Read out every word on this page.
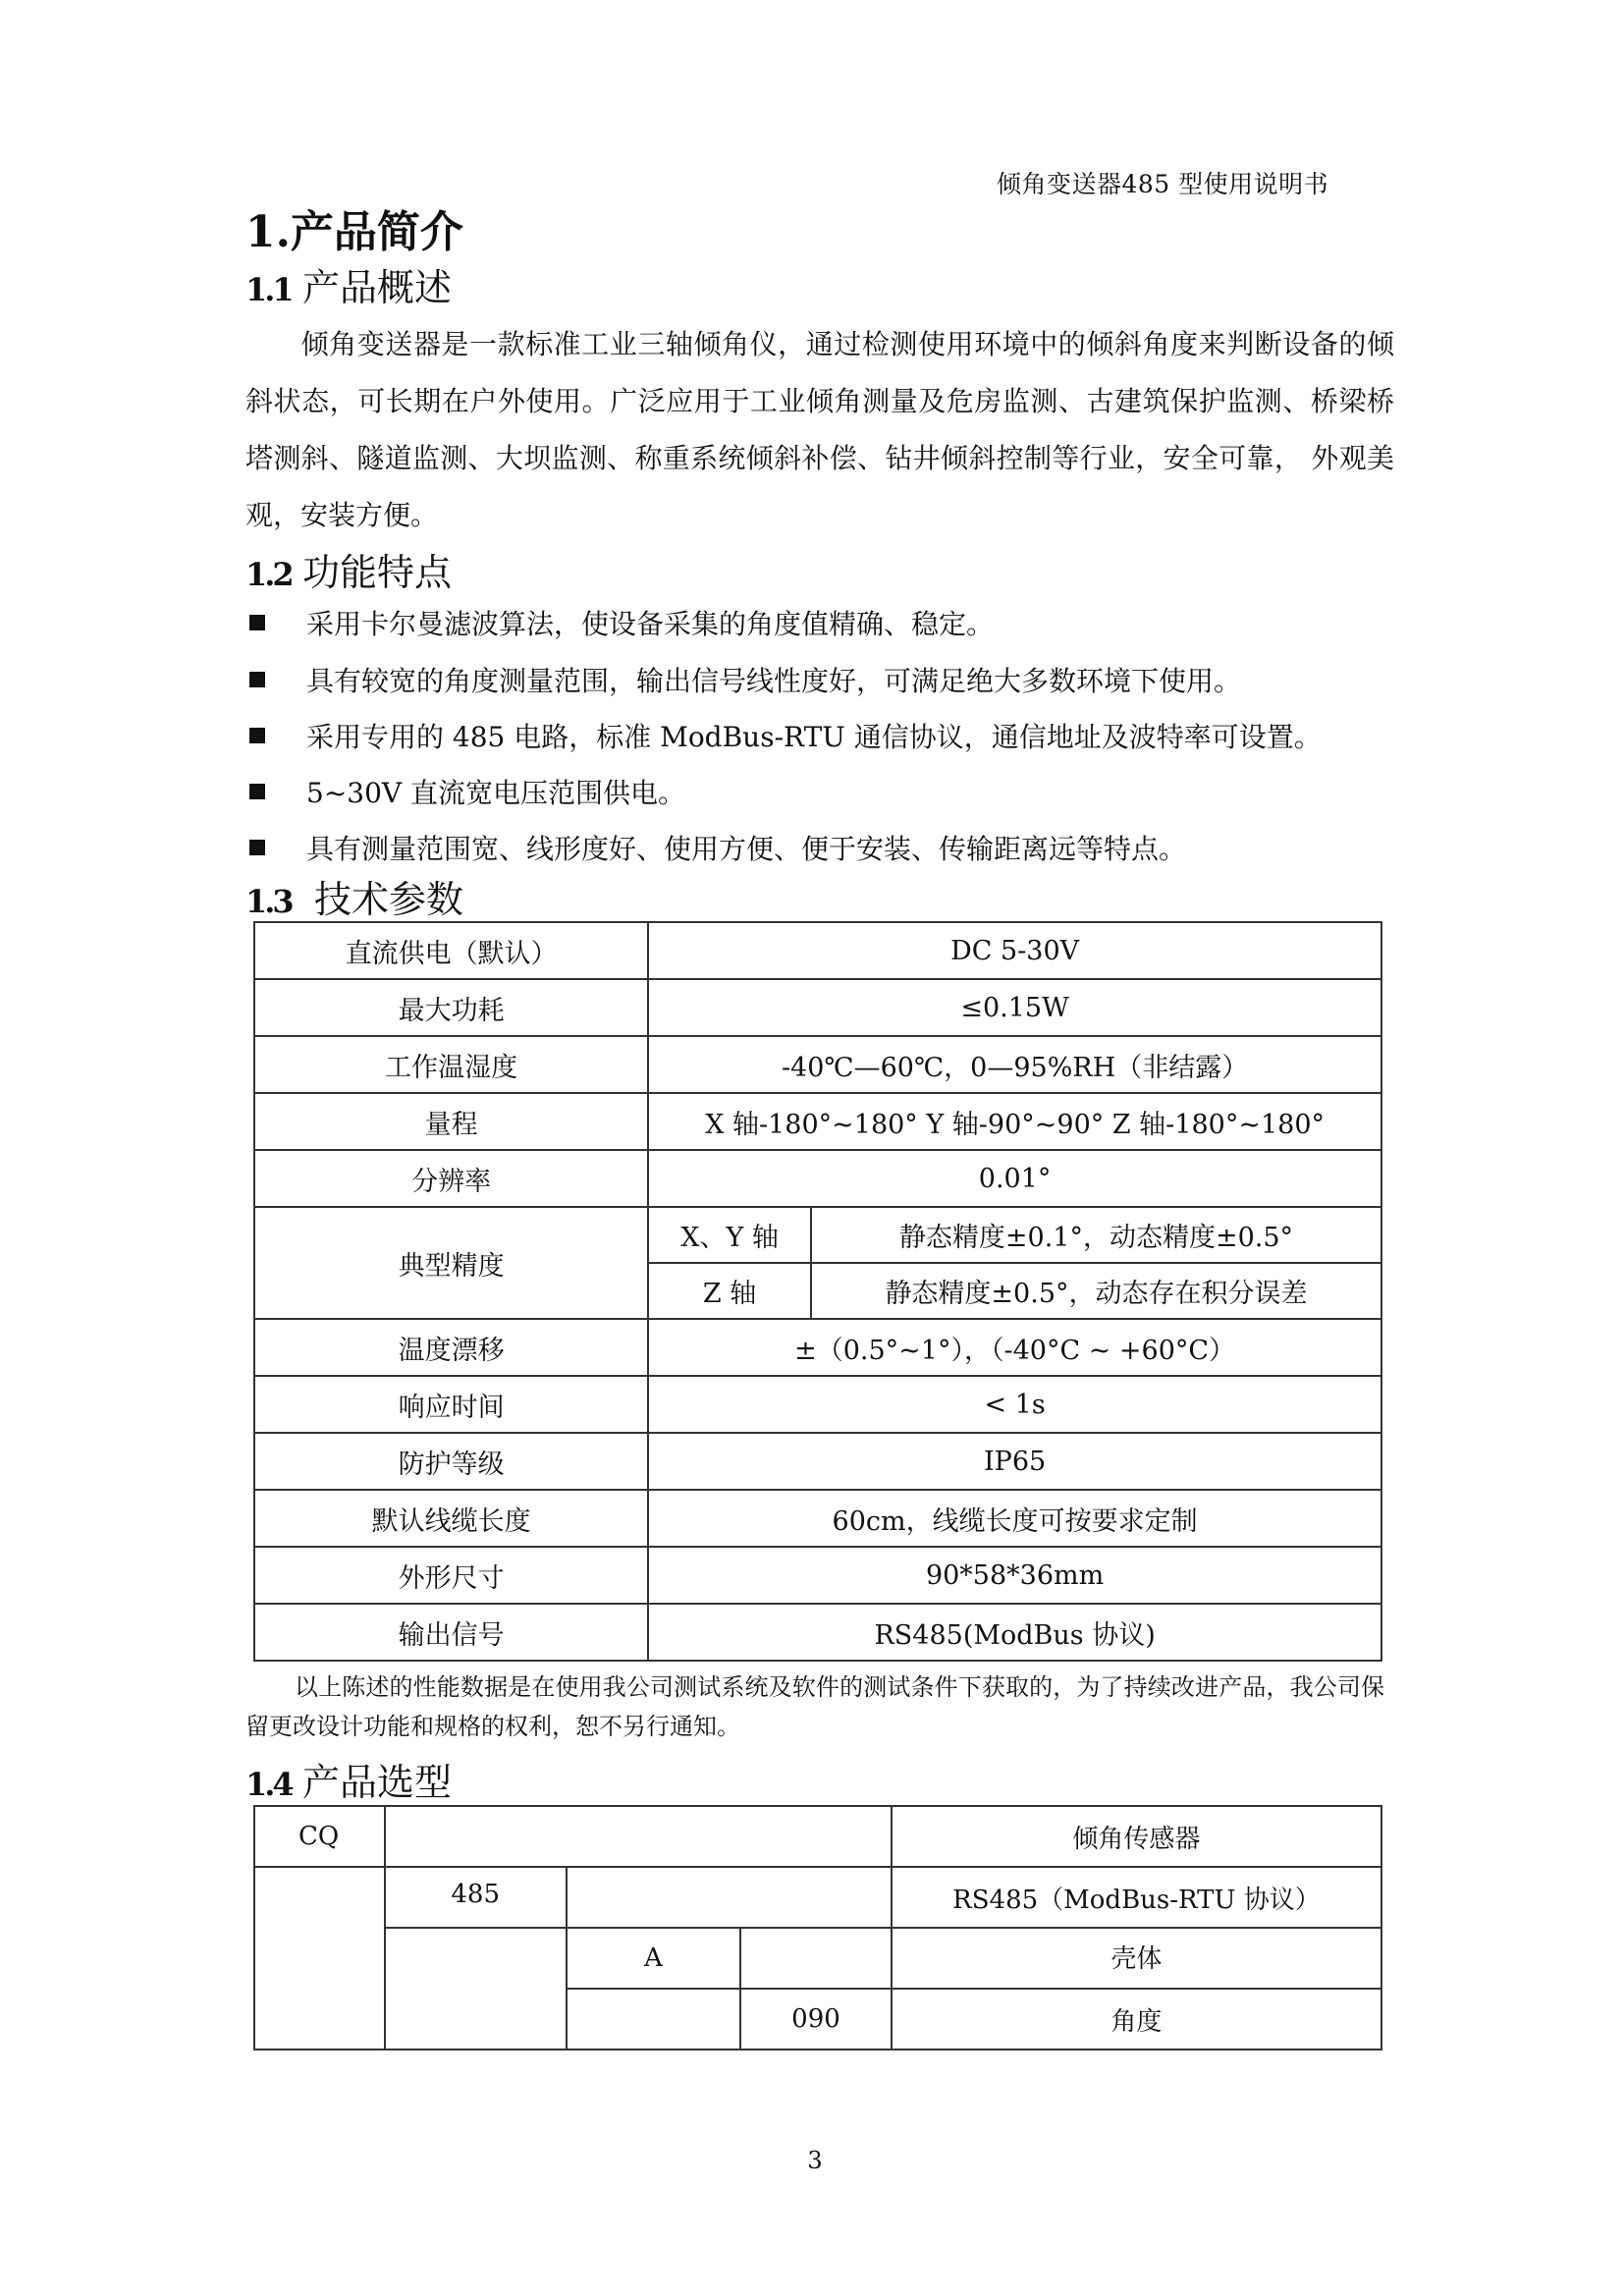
倾角变送器485 型使用说明书
1.产品简介
1.1 产品概述
倾角变送器是一款标准工业三轴倾角仪，通过检测使用环境中的倾斜角度来判断设备的倾斜状态，可长期在户外使用。广泛应用于工业倾角测量及危房监测、古建筑保护监测、桥梁桥塔测斜、隧道监测、大坝监测、称重系统倾斜补偿、钻井倾斜控制等行业，安全可靠， 外观美观，安装方便。
1.2 功能特点
采用卡尔曼滤波算法，使设备采集的角度值精确、稳定。
具有较宽的角度测量范围，输出信号线性度好，可满足绝大多数环境下使用。
采用专用的 485 电路，标准 ModBus-RTU 通信协议，通信地址及波特率可设置。
5~30V 直流宽电压范围供电。
具有测量范围宽、线形度好、使用方便、便于安装、传输距离远等特点。
1.3 技术参数
直流供电（默认）	DC 5-30V	
最大功耗	≤0.15W	
工作温湿度	-40℃—60℃，0—95%RH（非结露）	
量程	X 轴-180°~180° Y 轴-90°~90° Z 轴-180°~180°	
分辨率	0.01°	
典型精度	X、Y 轴	静态精度±0.1°，动态精度±0.5°
	Z 轴	静态精度±0.5°，动态存在积分误差
温度漂移	±（0.5°~1°），（-40°C ~ +60°C）	
响应时间	< 1s	
防护等级	IP65	
默认线缆长度	60cm，线缆长度可按要求定制	
外形尺寸	90*58*36mm	
输出信号	RS485(ModBus 协议)	
以上陈述的性能数据是在使用我公司测试系统及软件的测试条件下获取的，为了持续改进产品，我公司保留更改设计功能和规格的权利，恕不另行通知。
1.4 产品选型
CQ				倾角传感器
	485			RS485（ModBus-RTU 协议）
		A		壳体
			090	角度
3
